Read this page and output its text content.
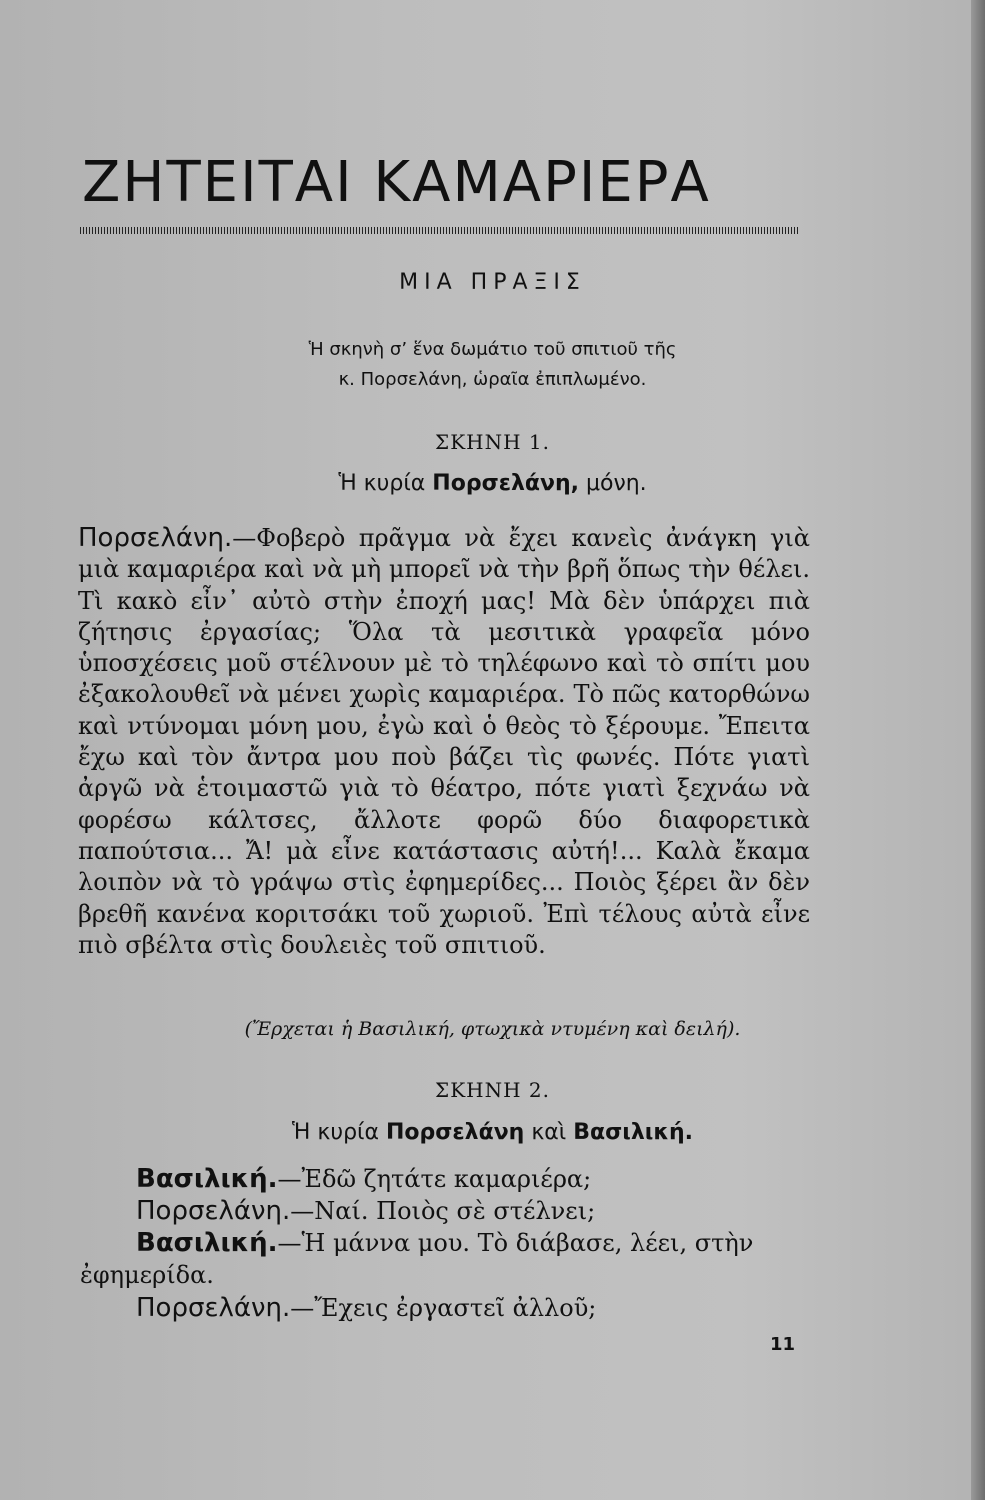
ΖΗΤΕΙΤΑΙ ΚΑΜΑΡΙΕΡΑ
ΜΙΑ ΠΡΑΞΙΣ
Ἡ σκηνὴ σ’ ἕνα δωμάτιο τοῦ σπιτιοῦ τῆς
κ. Πορσελάνη, ὡραῖα ἐπιπλωμένο.
ΣΚΗΝΗ 1.
Ἡ κυρία Πορσελάνη, μόνη.
Πορσελάνη.—Φοβερὸ πρᾶγμα νὰ ἔχει κανεὶς ἀνάγκη γιὰ μιὰ καμαριέρα καὶ νὰ μὴ μπορεῖ νὰ τὴν βρῆ ὅπως τὴν θέλει. Τὶ κακὸ εἶν᾽ αὐτὸ στὴν ἐποχή μας! Μὰ δὲν ὑπάρχει πιὰ ζήτησις ἐργασίας; Ὅλα τὰ μεσιτικὰ γραφεῖα μόνο ὑποσχέσεις μοῦ στέλνουν μὲ τὸ τηλέφωνο καὶ τὸ σπίτι μου ἐξακολουθεῖ νὰ μένει χωρὶς καμαριέρα. Τὸ πῶς κατορθώνω καὶ ντύνομαι μόνη μου, ἐγὼ καὶ ὁ θεὸς τὸ ξέρουμε. Ἔπειτα ἔχω καὶ τὸν ἄντρα μου ποὺ βάζει τὶς φωνές. Πότε γιατὶ ἀργῶ νὰ ἑτοιμαστῶ γιὰ τὸ θέατρο, πότε γιατὶ ξεχνάω νὰ φορέσω κάλτσες, ἄλλοτε φορῶ δύο διαφορετικὰ παπούτσια... Ἄ! μὰ εἶνε κατάστασις αὐτή!... Καλὰ ἔκαμα λοιπὸν νὰ τὸ γράψω στὶς ἐφημερίδες... Ποιὸς ξέρει ἂν δὲν βρεθῆ κανένα κοριτσάκι τοῦ χωριοῦ. Ἐπὶ τέλους αὐτὰ εἶνε πιὸ σβέλτα στὶς δουλειὲς τοῦ σπιτιοῦ.
(Ἔρχεται ἡ Βασιλική, φτωχικὰ ντυμένη καὶ δειλή).
ΣΚΗΝΗ 2.
Ἡ κυρία Πορσελάνη καὶ Βασιλική.
Βασιλική.—Ἐδῶ ζητάτε καμαριέρα;
Πορσελάνη.—Ναί. Ποιὸς σὲ στέλνει;
Βασιλική.—Ἡ μάννα μου. Τὸ διάβασε, λέει, στὴν
ἐφημερίδα.
Πορσελάνη.—Ἔχεις ἐργαστεῖ ἀλλοῦ;
11
